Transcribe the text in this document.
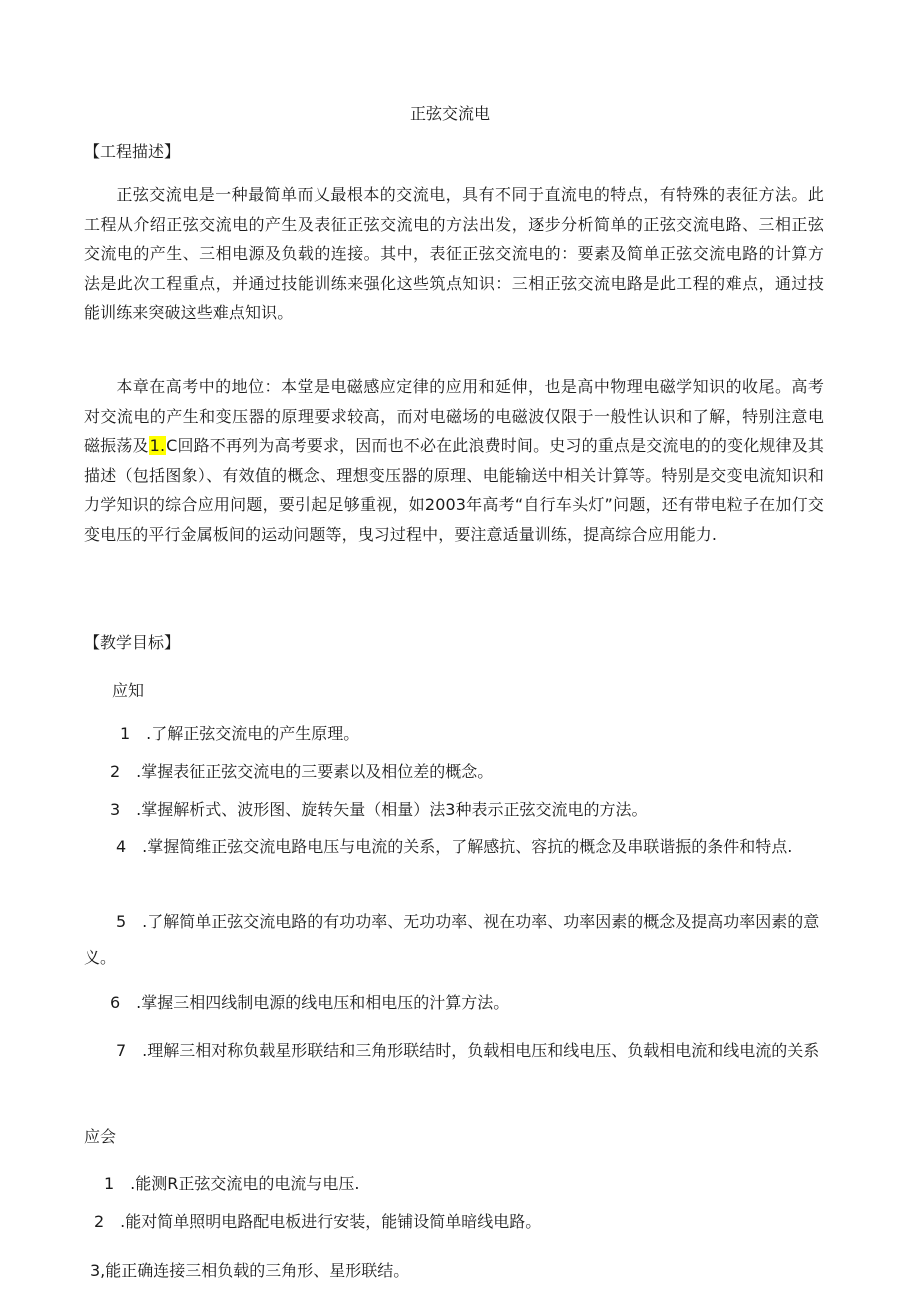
正弦交流电
【工程描述】
正弦交流电是一种最简单而乂最根本的交流电，具有不同于直流电的特点，有特殊的表征方法。此工程从介绍正弦交流电的产生及表征正弦交流电的方法出发，逐步分析简单的正弦交流电路、三相正弦交流电的产生、三相电源及负载的连接。其中，表征正弦交流电的：要素及简单正弦交流电路的计算方法是此次工程重点，并通过技能训练来强化这些筑点知识：三相正弦交流电路是此工程的难点，通过技能训练来突破这些难点知识。
本章在高考中的地位：本堂是电磁感应定律的应用和延伸，也是高中物理电磁学知识的收尾。高考对交流电的产生和变压器的原理要求较高，而对电磁场的电磁波仅限于一般性认识和了解，特别注意电磁振荡及1.C回路不再列为高考要求，因而也不必在此浪费时间。史习的重点是交流电的的变化规律及其描述（包括图象）、有效值的概念、理想变压器的原理、电能输送中相关计算等。特别是交变电流知识和力学知识的综合应用问题，要引起足够重视，如2003年高考“自行车头灯”问题，还有带电粒子在加仃交变电压的平行金属板间的运动问题等，曳习过程中，要注意适量训练，提高综合应用能力.
【教学目标】
应知
1　.了解正弦交流电的产生原理。
2　.掌握表征正弦交流电的三要素以及相位差的概念。
3　.掌握解析式、波形图、旋转矢量（相量）法3种表示正弦交流电的方法。
4　.掌握简维正弦交流电路电压与电流的关系，了解感抗、容抗的概念及串联谐振的条件和特点.
5　.了解简单正弦交流电路的有功功率、无功功率、视在功率、功率因素的概念及提高功率因素的意义。
6　.掌握三相四线制电源的线电压和相电压的汁算方法。
7　.理解三相对称负载星形联结和三角形联结时，负载相电压和线电压、负载相电流和线电流的关系
应会
1　.能测R正弦交流电的电流与电压.
2　.能对简单照明电路配电板进行安装，能铺设简单暗线电路。
3,能正确连接三相负载的三角形、星形联结。
